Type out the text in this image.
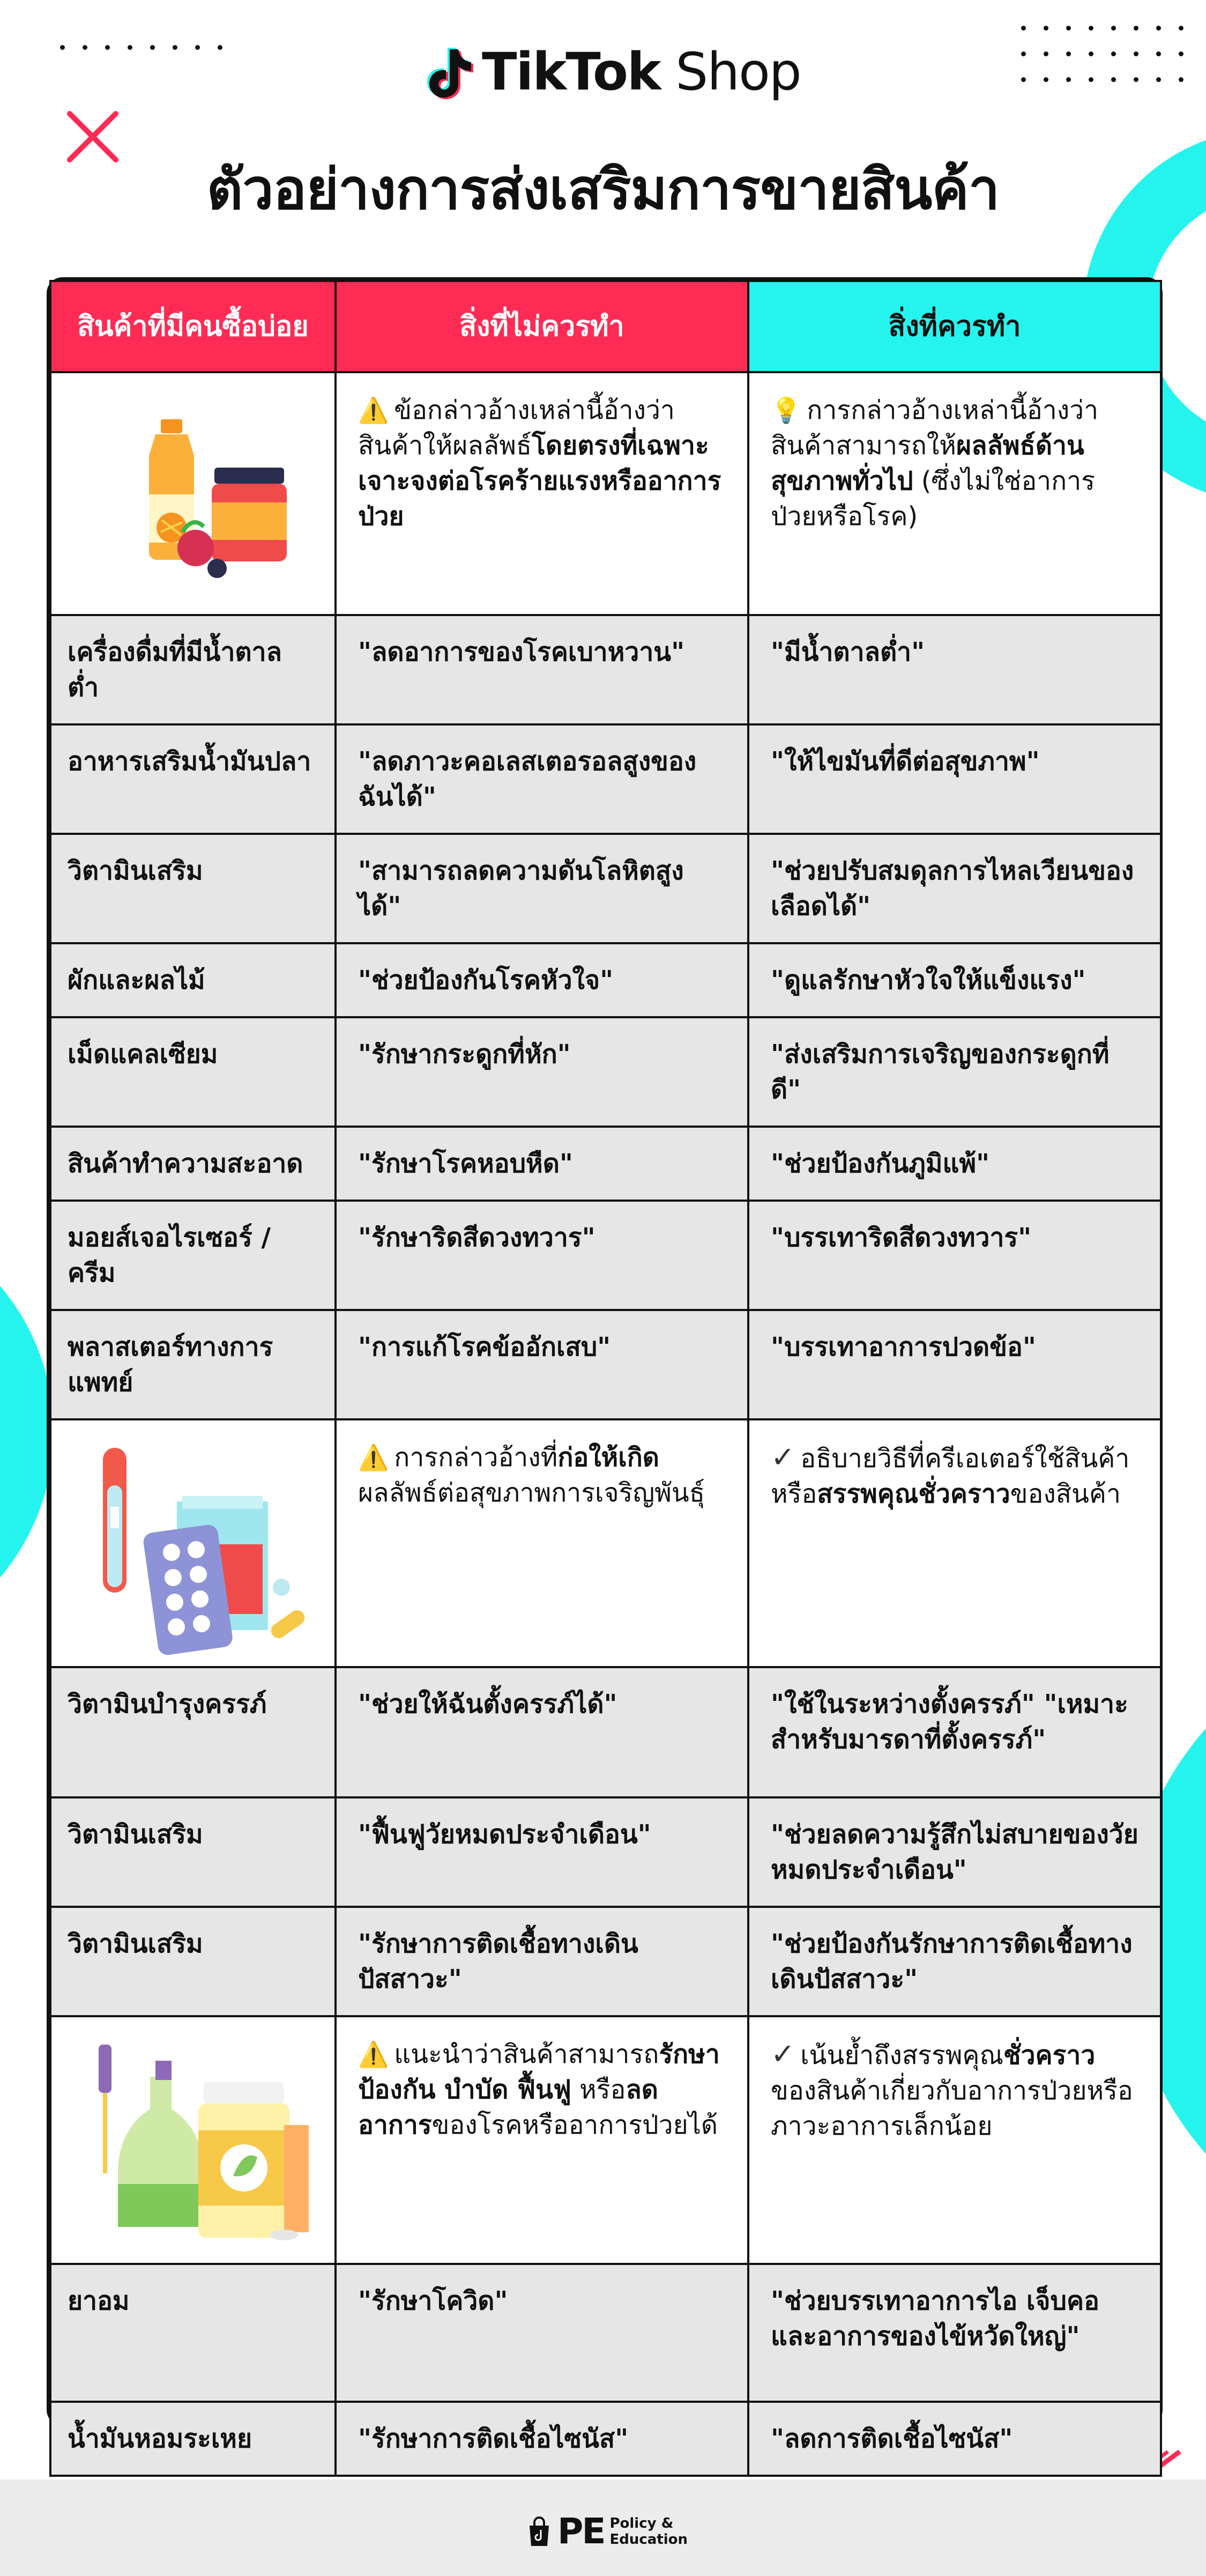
TikTok Shop
ตัวอย่างการส่งเสริมการขายสินค้า
สินค้าที่มีคนซื้อบ่อย	สิ่งที่ไม่ควรทำ	สิ่งที่ควรทำ
	⚠️ ข้อกล่าวอ้างเหล่านี้อ้างว่าสินค้าให้ผลลัพธ์โดยตรงที่เฉพาะเจาะจงต่อโรคร้ายแรงหรืออาการป่วย	💡 การกล่าวอ้างเหล่านี้อ้างว่าสินค้าสามารถให้ผลลัพธ์ด้านสุขภาพทั่วไป (ซึ่งไม่ใช่อาการป่วยหรือโรค)
เครื่องดื่มที่มีน้ำตาลต่ำ	"ลดอาการของโรคเบาหวาน"	"มีน้ำตาลต่ำ"
อาหารเสริมน้ำมันปลา	"ลดภาวะคอเลสเตอรอลสูงของฉันได้"	"ให้ไขมันที่ดีต่อสุขภาพ"
วิตามินเสริม	"สามารถลดความดันโลหิตสูงได้"	"ช่วยปรับสมดุลการไหลเวียนของเลือดได้"
ผักและผลไม้	"ช่วยป้องกันโรคหัวใจ"	"ดูแลรักษาหัวใจให้แข็งแรง"
เม็ดแคลเซียม	"รักษากระดูกที่หัก"	"ส่งเสริมการเจริญของกระดูกที่ดี"
สินค้าทำความสะอาด	"รักษาโรคหอบหืด"	"ช่วยป้องกันภูมิแพ้"
มอยส์เจอไรเซอร์ / ครีม	"รักษาริดสีดวงทวาร"	"บรรเทาริดสีดวงทวาร"
พลาสเตอร์ทางการแพทย์	"การแก้โรคข้ออักเสบ"	"บรรเทาอาการปวดข้อ"
	⚠️ การกล่าวอ้างที่ก่อให้เกิดผลลัพธ์ต่อสุขภาพการเจริญพันธุ์	✓ อธิบายวิธีที่ครีเอเตอร์ใช้สินค้าหรือสรรพคุณชั่วคราวของสินค้า
วิตามินบำรุงครรภ์	"ช่วยให้ฉันตั้งครรภ์ได้"	"ใช้ในระหว่างตั้งครรภ์" "เหมาะสำหรับมารดาที่ตั้งครรภ์"
วิตามินเสริม	"ฟื้นฟูวัยหมดประจำเดือน"	"ช่วยลดความรู้สึกไม่สบายของวัยหมดประจำเดือน"
วิตามินเสริม	"รักษาการติดเชื้อทางเดินปัสสาวะ"	"ช่วยป้องกันรักษาการติดเชื้อทางเดินปัสสาวะ"
	⚠️ แนะนำว่าสินค้าสามารถรักษา ป้องกัน บำบัด ฟื้นฟู หรือลดอาการของโรคหรืออาการป่วยได้	✓ เน้นย้ำถึงสรรพคุณชั่วคราวของสินค้าเกี่ยวกับอาการป่วยหรือภาวะอาการเล็กน้อย
ยาอม	"รักษาโควิด"	"ช่วยบรรเทาอาการไอ เจ็บคอ และอาการของไข้หวัดใหญ่"
น้ำมันหอมระเหย	"รักษาการติดเชื้อไซนัส"	"ลดการติดเชื้อไซนัส"
PE Policy & Education
